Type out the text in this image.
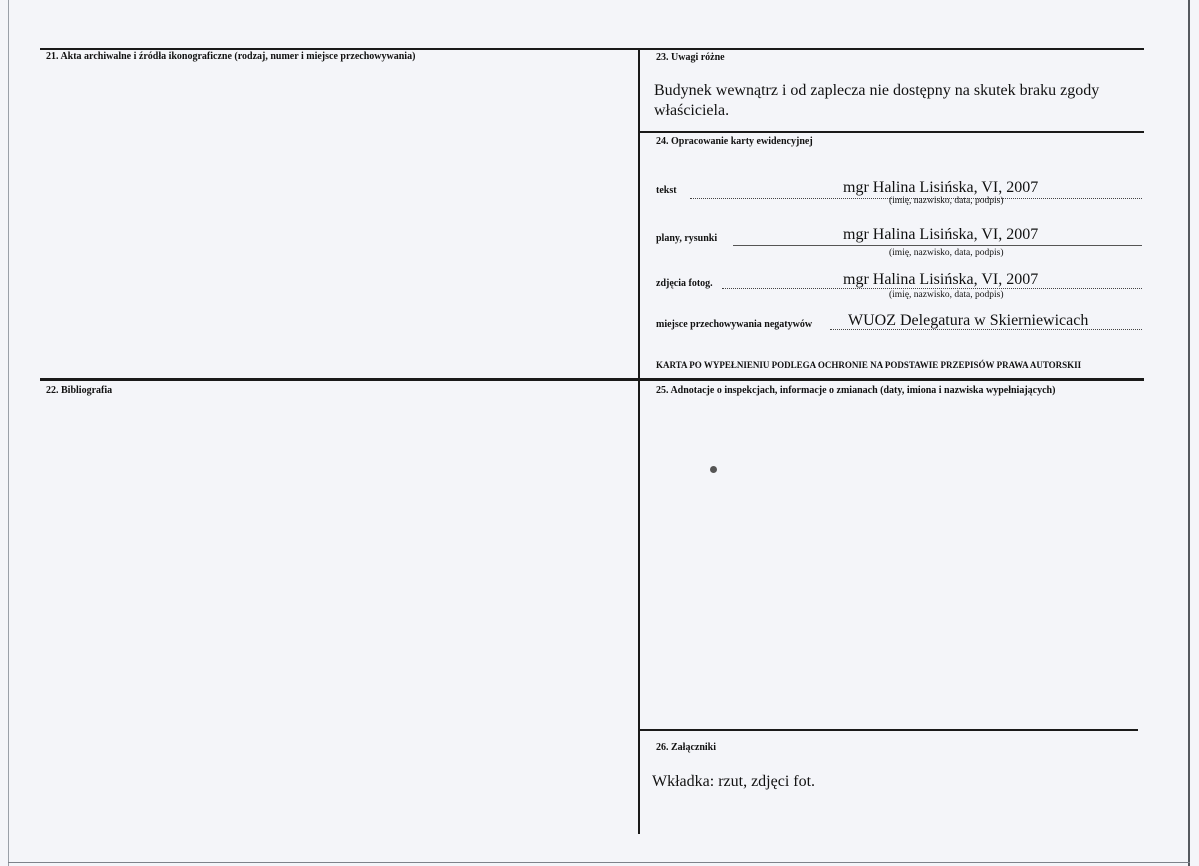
21. Akta archiwalne i źródła ikonograficzne (rodzaj, numer i miejsce przechowywania)
22. Bibliografia
23. Uwagi różne
Budynek wewnątrz i od zaplecza nie dostępny na skutek braku zgody właściciela.
24. Opracowanie karty ewidencyjnej
tekst	mgr Halina Lisińska, VI, 2007
(imię, nazwisko, data, podpis)
plany, rysunki	mgr Halina Lisińska, VI, 2007
(imię, nazwisko, data, podpis)
zdjęcia fotog.	mgr Halina Lisińska, VI, 2007
(imię, nazwisko, data, podpis)
miejsce przechowywania negatywów WUOZ Delegatura w Skierniewicach
KARTA PO WYPEŁNIENIU PODLEGA OCHRONIE NA PODSTAWIE PRZEPISÓW PRAWA AUTORSKII
25. Adnotacje o inspekcjach, informacje o zmianach (daty, imiona i nazwiska wypełniających)
26. Załączniki
Wkładka: rzut, zdjęci fot.
